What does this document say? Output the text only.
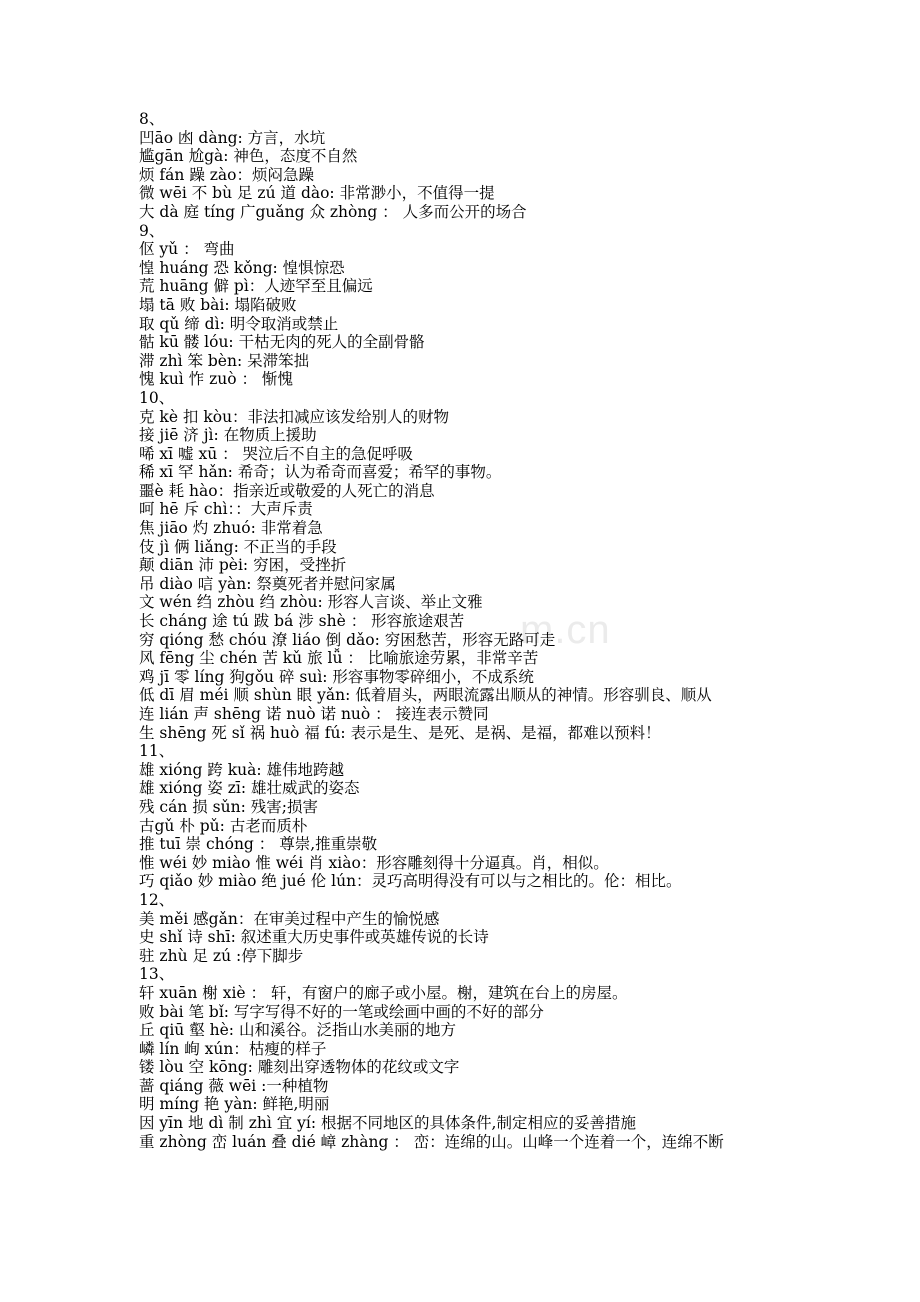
m.cn
8、
凹āo 凼 dàng: 方言，水坑
尴gān 尬gà: 神色，态度不自然
烦 fán 躁 zào：烦闷急躁
微 wēi 不 bù 足 zú 道 dào: 非常渺小，不值得一提
大 dà 庭 tíng 广guǎng 众 zhòng ： 人多而公开的场合
9、
伛 yǔ ： 弯曲
惶 huáng 恐 kǒng: 惶惧惊恐
荒 huāng 僻 pì：人迹罕至且偏远
塌 tā 败 bài: 塌陷破败
取 qǔ 缔 dì: 明令取消或禁止
骷 kū 髅 lóu: 干枯无肉的死人的全副骨骼
滞 zhì 笨 bèn: 呆滞笨拙
愧 kuì 怍 zuò ： 惭愧
10、
克 kè 扣 kòu：非法扣减应该发给别人的财物
接 jiē 济 jì: 在物质上援助
唏 xī 嘘 xū ： 哭泣后不自主的急促呼吸
稀 xī 罕 hǎn: 希奇；认为希奇而喜爱；希罕的事物。
噩è 耗 hào：指亲近或敬爱的人死亡的消息
呵 hē 斥 chì：：大声斥责
焦 jiāo 灼 zhuó: 非常着急
伎 jì 俩 liǎng: 不正当的手段
颠 diān 沛 pèi: 穷困，受挫折
吊 diào 唁 yàn: 祭奠死者并慰问家属
文 wén 绉 zhòu 绉 zhòu: 形容人言谈、举止文雅
长 cháng 途 tú 跋 bá 涉 shè ： 形容旅途艰苦
穷 qióng 愁 chóu 潦 liáo 倒 dǎo: 穷困愁苦，形容无路可走
风 fēng 尘 chén 苦 kǔ 旅 lǚ ： 比喻旅途劳累，非常辛苦
鸡 jī 零 líng 狗gǒu 碎 suì: 形容事物零碎细小，不成系统
低 dī 眉 méi 顺 shùn 眼 yǎn: 低着眉头，两眼流露出顺从的神情。形容驯良、顺从
连 lián 声 shēng 诺 nuò 诺 nuò ： 接连表示赞同
生 shēng 死 sǐ 祸 huò 福 fú: 表示是生、是死、是祸、是福，都难以预料！
11、
雄 xióng 跨 kuà: 雄伟地跨越
雄 xióng 姿 zī: 雄壮威武的姿态
残 cán 损 sǔn: 残害;损害
古gǔ 朴 pǔ: 古老而质朴
推 tuī 崇 chóng ： 尊崇,推重崇敬
惟 wéi 妙 miào 惟 wéi 肖 xiào：形容雕刻得十分逼真。肖，相似。
巧 qiǎo 妙 miào 绝 jué 伦 lún：灵巧高明得没有可以与之相比的。伦：相比。
12、
美 měi 感gǎn：在审美过程中产生的愉悦感
史 shǐ 诗 shī: 叙述重大历史事件或英雄传说的长诗
驻 zhù 足 zú :停下脚步
13、
轩 xuān 榭 xiè ： 轩，有窗户的廊子或小屋。榭，建筑在台上的房屋。
败 bài 笔 bǐ: 写字写得不好的一笔或绘画中画的不好的部分
丘 qiū 壑 hè: 山和溪谷。泛指山水美丽的地方
嶙 lín 峋 xún：枯瘦的样子
镂 lòu 空 kōng: 雕刻出穿透物体的花纹或文字
蔷 qiáng 薇 wēi :一种植物
明 míng 艳 yàn: 鲜艳,明丽
因 yīn 地 dì 制 zhì 宜 yí: 根据不同地区的具体条件,制定相应的妥善措施
重 zhòng 峦 luán 叠 dié 嶂 zhàng ： 峦：连绵的山。山峰一个连着一个，连绵不断
